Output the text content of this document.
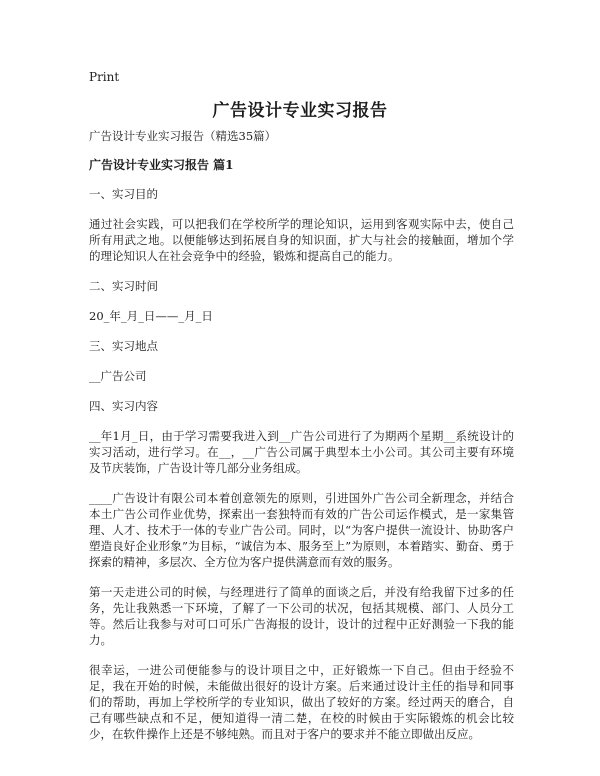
Print
广告设计专业实习报告

广告设计专业实习报告（精选35篇）

广告设计专业实习报告 篇1

一、实习目的

通过社会实践，可以把我们在学校所学的理论知识，运用到客观实际中去，使自己所有用武之地。以便能够达到拓展自身的知识面，扩大与社会的接触面，增加个学的理论知识人在社会竞争中的经验，锻炼和提高自己的能力。

二、实习时间

20_年_月_日——_月_日

三、实习地点

__广告公司

四、实习内容

__年1月_日，由于学习需要我进入到__广告公司进行了为期两个星期__系统设计的实习活动，进行学习。在__，__广告公司属于典型本土小公司。其公司主要有环境及节庆装饰，广告设计等几部分业务组成。

____广告设计有限公司本着创意领先的原则，引进国外广告公司全新理念，并结合本土广告公司作业优势，探索出一套独特而有效的广告公司运作模式，是一家集管理、人才、技术于一体的专业广告公司。同时，以“为客户提供一流设计、协助客户塑造良好企业形象”为目标，“诚信为本、服务至上”为原则，本着踏实、勤奋、勇于探索的精神，多层次、全方位为客户提供满意而有效的服务。

第一天走进公司的时候，与经理进行了简单的面谈之后，并没有给我留下过多的任务，先让我熟悉一下环境，了解了一下公司的状况，包括其规模、部门、人员分工等。然后让我参与对可口可乐广告海报的设计，设计的过程中正好测验一下我的能力。

很幸运，一进公司便能参与的设计项目之中，正好锻炼一下自己。但由于经验不足，我在开始的时候，未能做出很好的设计方案。后来通过设计主任的指导和同事们的帮助，再加上学校所学的专业知识，做出了较好的方案。经过两天的磨合，自己有哪些缺点和不足，便知道得一清二楚，在校的时候由于实际锻炼的机会比较少，在软件操作上还是不够纯熟。而且对于客户的要求并不能立即做出反应。
